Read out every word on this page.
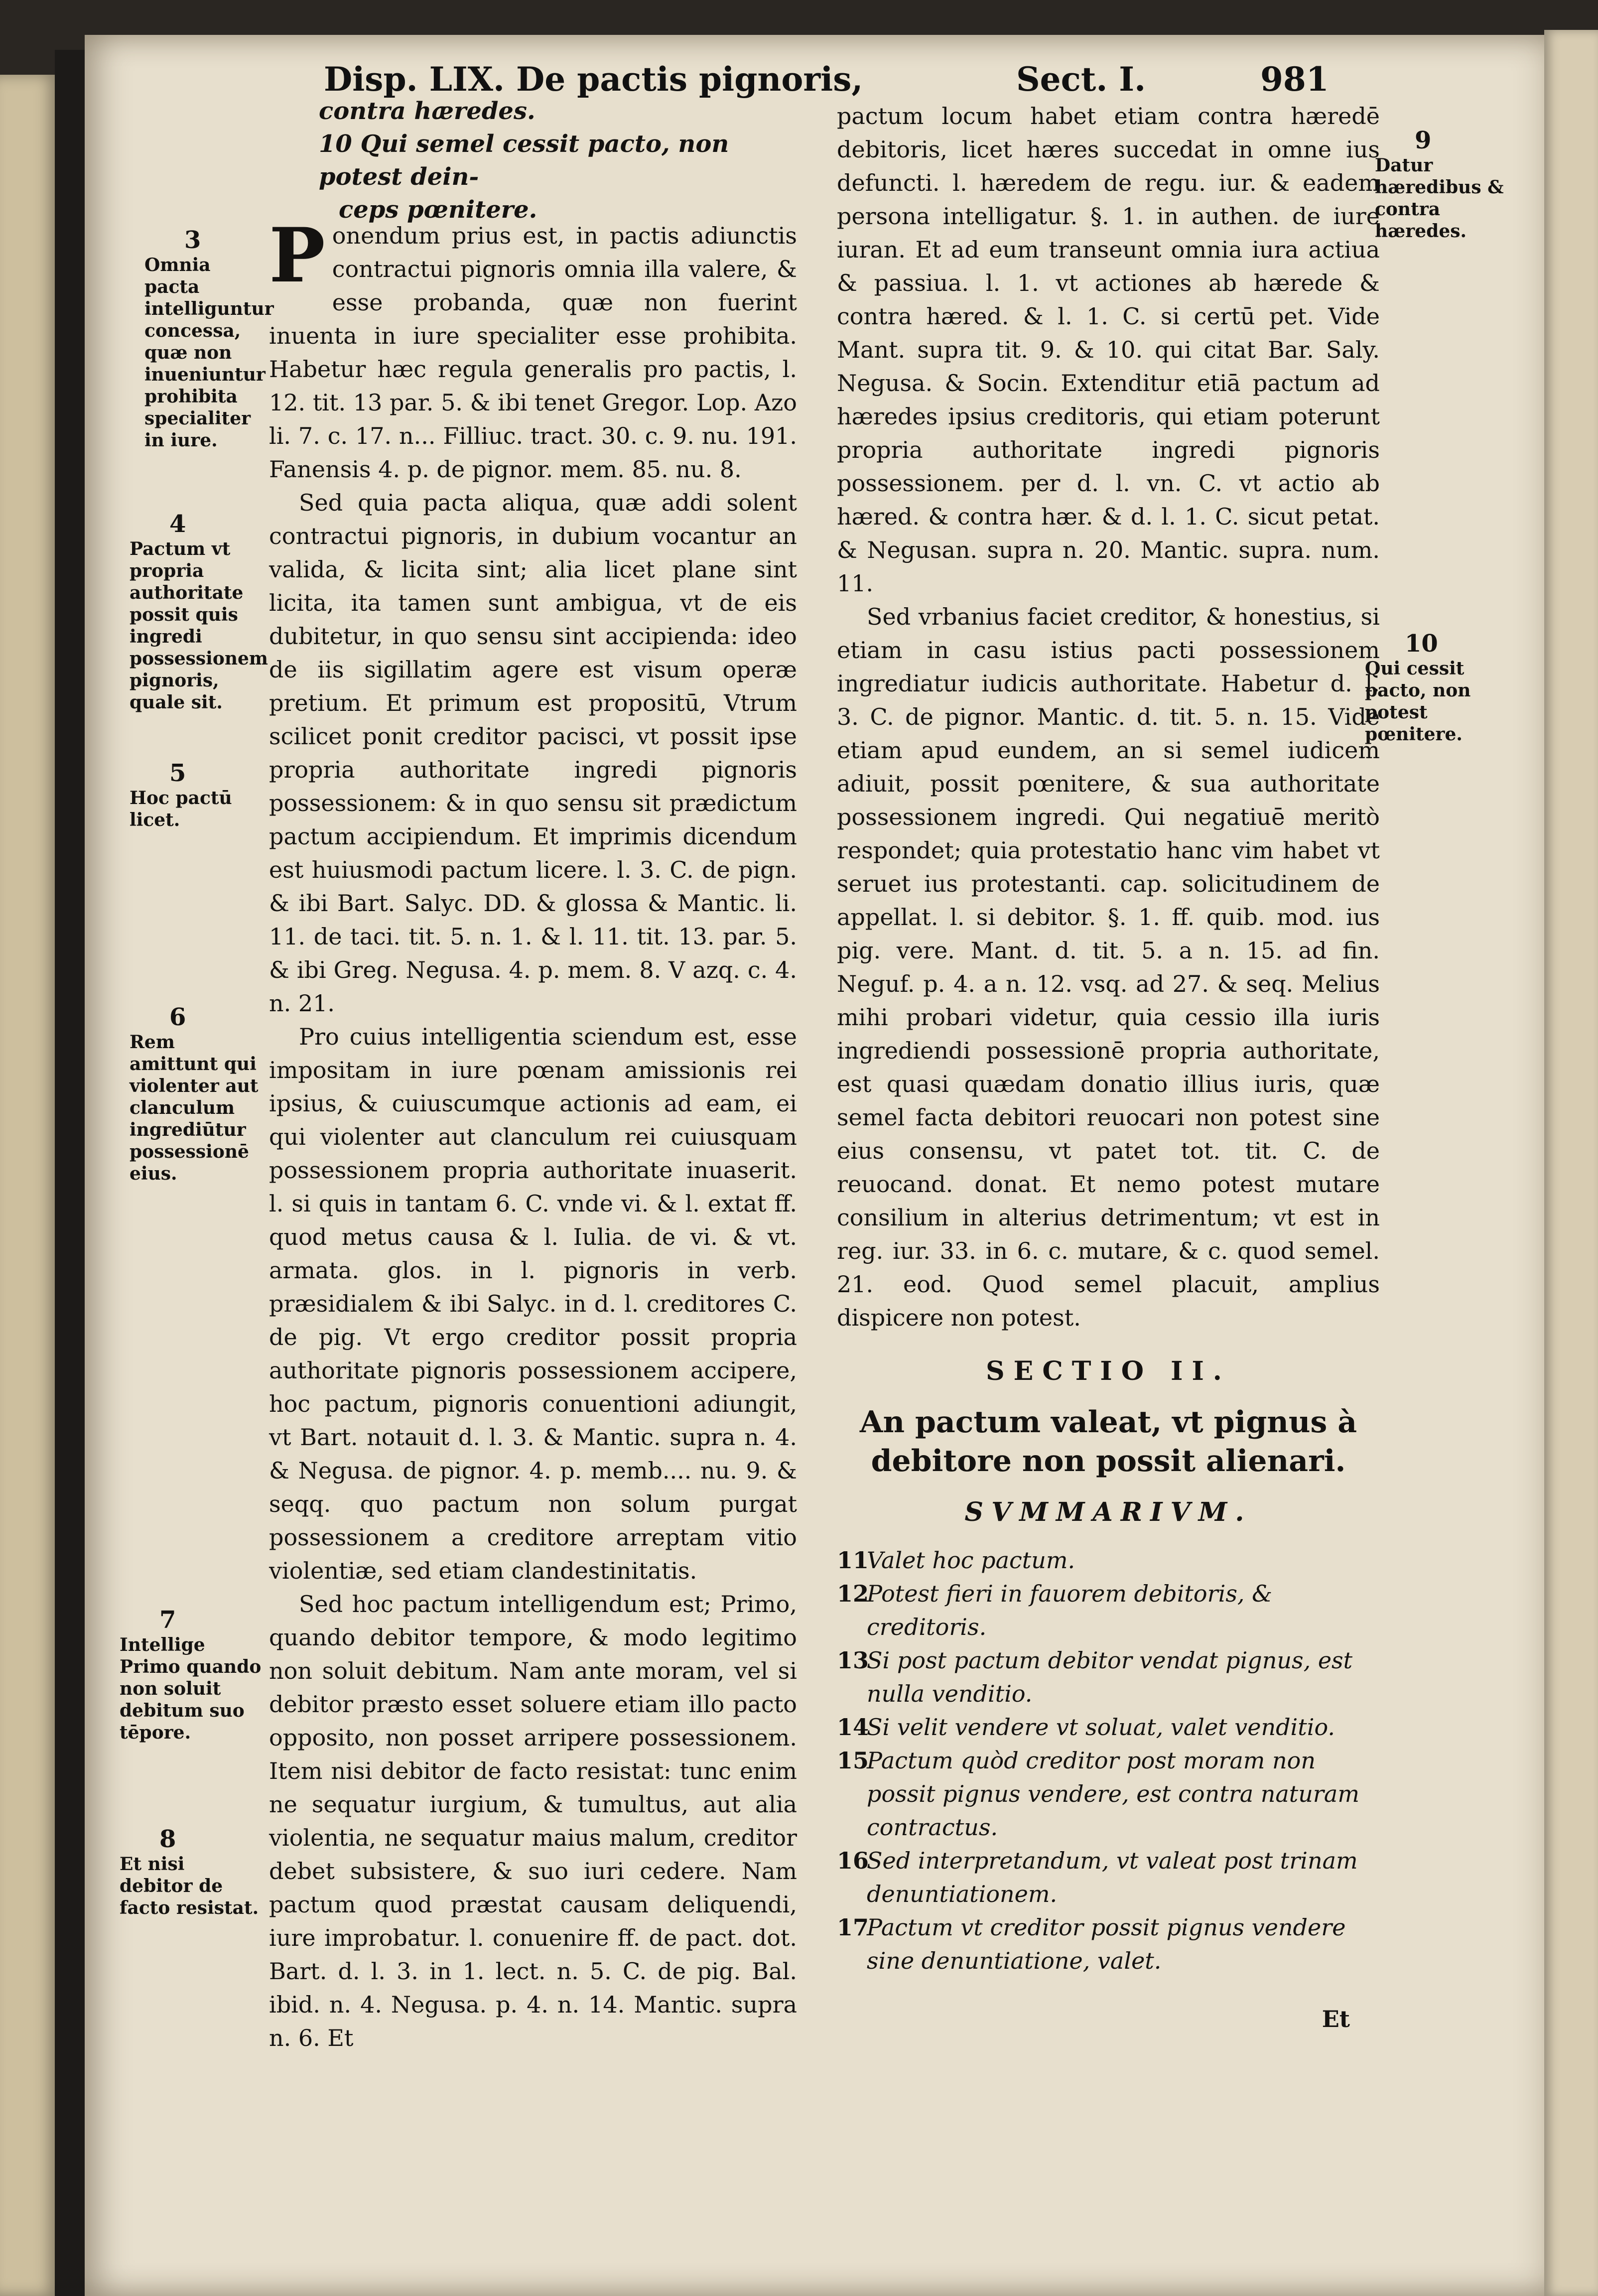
Disp. LIX. De pactis pignoris,	Sect. I.	981
contra hæredes.
10 Qui semel cessit pacto, non potest dein-
ceps pœnitere.
3
Omnia pacta intelliguntur concessa, quæ non inueniuntur prohibita specialiter in iure.
4
Pactum vt propria authoritate possit quis ingredi possessionem pignoris, quale sit.
5
Hoc pactū licet.
6
Rem amittunt qui violenter aut clanculum ingrediūtur possessionē eius.
7
Intellige Primo quando non soluit debitum suo tēpore.
8
Et nisi debitor de facto resistat.
9
Datur hæredibus & contra hæredes.
10
Qui cessit pacto, non potest pœnitere.

Ponendum prius est, in pactis adiunctis contractui pignoris omnia illa valere, & esse probanda, quæ non fuerint inuenta in iure specialiter esse prohibita. Habetur hæc regula generalis pro pactis, l. 12. tit. 13 par. 5. & ibi tenet Gregor. Lop. Azo li. 7. c. 17. n... Filliuc. tract. 30. c. 9. nu. 191. Fanensis 4. p. de pignor. mem. 85. nu. 8.

Sed quia pacta aliqua, quæ addi solent contractui pignoris, in dubium vocantur an valida, & licita sint; alia licet plane sint licita, ita tamen sunt ambigua, vt de eis dubitetur, in quo sensu sint accipienda: ideo de iis sigillatim agere est visum operæ pretium. Et primum est propositū, Vtrum scilicet ponit creditor pacisci, vt possit ipse propria authoritate ingredi pignoris possessionem: & in quo sensu sit prædictum pactum accipiendum. Et imprimis dicendum est huiusmodi pactum licere. l. 3. C. de pign. & ibi Bart. Salyc. DD. & glossa & Mantic. li. 11. de taci. tit. 5. n. 1. & l. 11. tit. 13. par. 5. & ibi Greg. Negusa. 4. p. mem. 8. V azq. c. 4. n. 21.

Pro cuius intelligentia sciendum est, esse impositam in iure pœnam amissionis rei ipsius, & cuiuscumque actionis ad eam, ei qui violenter aut clanculum rei cuiusquam possessionem propria authoritate inuaserit. l. si quis in tantam 6. C. vnde vi. & l. extat ff. quod metus causa & l. Iulia. de vi. & vt. armata. glos. in l. pignoris in verb. præsidialem & ibi Salyc. in d. l. creditores C. de pig. Vt ergo creditor possit propria authoritate pignoris possessionem accipere, hoc pactum, pignoris conuentioni adiungit, vt Bart. notauit d. l. 3. & Mantic. supra n. 4. & Negusa. de pignor. 4. p. memb.... nu. 9. & seqq. quo pactum non solum purgat possessionem a creditore arreptam vitio violentiæ, sed etiam clandestinitatis.

Sed hoc pactum intelligendum est; Primo, quando debitor tempore, & modo legitimo non soluit debitum. Nam ante moram, vel si debitor præsto esset soluere etiam illo pacto opposito, non posset arripere possessionem. Item nisi debitor de facto resistat: tunc enim ne sequatur iurgium, & tumultus, aut alia violentia, ne sequatur maius malum, creditor debet subsistere, & suo iuri cedere. Nam pactum quod præstat causam deliquendi, iure improbatur. l. conuenire ff. de pact. dot. Bart. d. l. 3. in 1. lect. n. 5. C. de pig. Bal. ibid. n. 4. Negusa. p. 4. n. 14. Mantic. supra n. 6. Et

pactum locum habet etiam contra hæredē debitoris, licet hæres succedat in omne ius defuncti. l. hæredem de regu. iur. & eadem persona intelligatur. §. 1. in authen. de iure iuran. Et ad eum transeunt omnia iura actiua & passiua. l. 1. vt actiones ab hærede & contra hæred. & l. 1. C. si certū pet. Vide Mant. supra tit. 9. & 10. qui citat Bar. Saly. Negusa. & Socin. Extenditur etiā pactum ad hæredes ipsius creditoris, qui etiam poterunt propria authoritate ingredi pignoris possessionem. per d. l. vn. C. vt actio ab hæred. & contra hær. & d. l. 1. C. sicut petat. & Negusan. supra n. 20. Mantic. supra. num. 11.

Sed vrbanius faciet creditor, & honestius, si etiam in casu istius pacti possessionem ingrediatur iudicis authoritate. Habetur d. l. 3. C. de pignor. Mantic. d. tit. 5. n. 15. Vide etiam apud eundem, an si semel iudicem adiuit, possit pœnitere, & sua authoritate possessionem ingredi. Qui negatiuē meritò respondet; quia protestatio hanc vim habet vt seruet ius protestanti. cap. solicitudinem de appellat. l. si debitor. §. 1. ff. quib. mod. ius pig. vere. Mant. d. tit. 5. a n. 15. ad fin. Neguf. p. 4. a n. 12. vsq. ad 27. & seq. Melius mihi probari videtur, quia cessio illa iuris ingrediendi possessionē propria authoritate, est quasi quædam donatio illius iuris, quæ semel facta debitori reuocari non potest sine eius consensu, vt patet tot. tit. C. de reuocand. donat. Et nemo potest mutare consilium in alterius detrimentum; vt est in reg. iur. 33. in 6. c. mutare, & c. quod semel. 21. eod. Quod semel placuit, amplius dispicere non potest.

SECTIO II.
An pactum valeat, vt pignus à debitore non possit alienari.
SVMMARIVM.
11
Valet hoc pactum.
12
Potest fieri in fauorem debitoris, & creditoris.
13
Si post pactum debitor vendat pignus, est nulla venditio.
14
Si velit vendere vt soluat, valet venditio.
15
Pactum quòd creditor post moram non possit pignus vendere, est contra naturam contractus.
16
Sed interpretandum, vt valeat post trinam denuntiationem.
17
Pactum vt creditor possit pignus vendere sine denuntiatione, valet.
Et
